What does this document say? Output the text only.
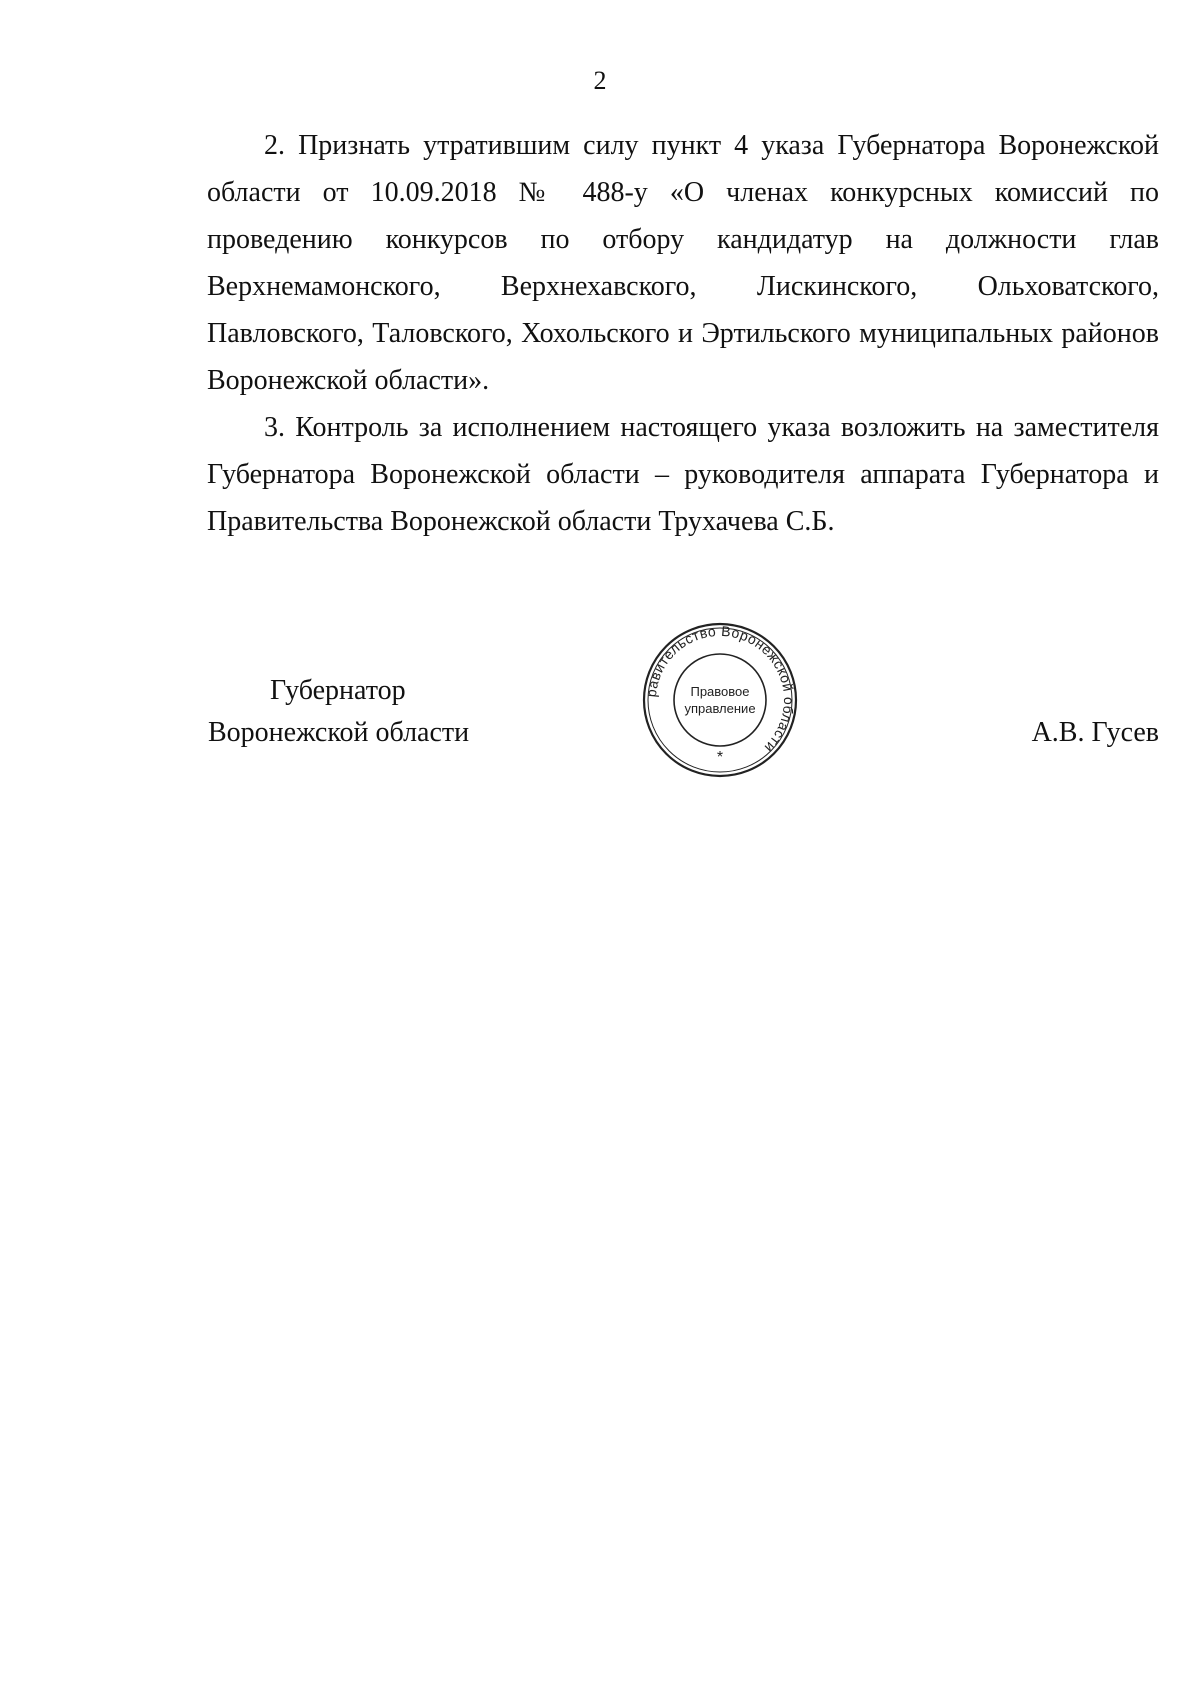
2

2. Признать утратившим силу пункт 4 указа Губернатора Воронежской области от 10.09.2018 № 488-у «О членах конкурсных комиссий по проведению конкурсов по отбору кандидатур на должности глав Верхнемамонского, Верхнехавского, Лискинского, Ольховатского, Павловского, Таловского, Хохольского и Эртильского муниципальных районов Воронежской области».

3. Контроль за исполнением настоящего указа возложить на заместителя Губернатора Воронежской области – руководителя аппарата Губернатора и Правительства Воронежской области Трухачева С.Б.

Губернатор
Воронежской области	А.В. Гусев
равительство Воронежской области
Правовое
управление
*
